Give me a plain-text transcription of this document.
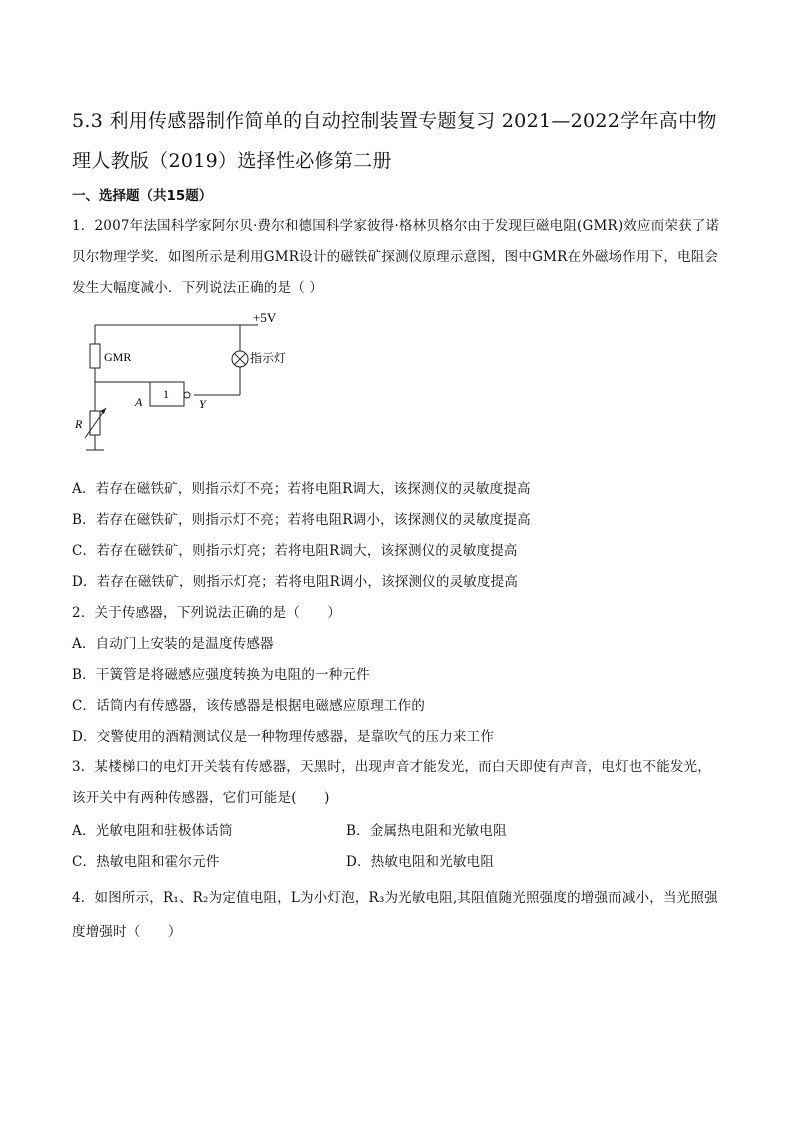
5.3 利用传感器制作简单的自动控制装置专题复习 2021—2022学年高中物理人教版（2019）选择性必修第二册
一、选择题（共15题）
1．2007年法国科学家阿尔贝·费尔和德国科学家彼得·格林贝格尔由于发现巨磁电阻(GMR)效应而荣获了诺贝尔物理学奖．如图所示是利用GMR设计的磁铁矿探测仪原理示意图，图中GMR在外磁场作用下，电阻会发生大幅度减小．下列说法正确的是（ ）
+5V
GMR	指示灯
1
A	Y
R
A．若存在磁铁矿，则指示灯不亮；若将电阻R调大，该探测仪的灵敏度提高
B．若存在磁铁矿，则指示灯不亮；若将电阻R调小，该探测仪的灵敏度提高
C．若存在磁铁矿，则指示灯亮；若将电阻R调大，该探测仪的灵敏度提高
D．若存在磁铁矿，则指示灯亮；若将电阻R调小，该探测仪的灵敏度提高
2．关于传感器，下列说法正确的是（　　）
A．自动门上安装的是温度传感器
B．干簧管是将磁感应强度转换为电阻的一种元件
C．话筒内有传感器，该传感器是根据电磁感应原理工作的
D．交警使用的酒精测试仪是一种物理传感器，是靠吹气的压力来工作
3．某楼梯口的电灯开关装有传感器，天黑时，出现声音才能发光，而白天即使有声音，电灯也不能发光，该开关中有两种传感器，它们可能是(　　)
A．光敏电阻和驻极体话筒	B．金属热电阻和光敏电阻
C．热敏电阻和霍尔元件	D．热敏电阻和光敏电阻
4．如图所示，R₁、R₂为定值电阻，L为小灯泡，R₃为光敏电阻,其阻值随光照强度的增强而减小，当光照强度增强时（　　）
